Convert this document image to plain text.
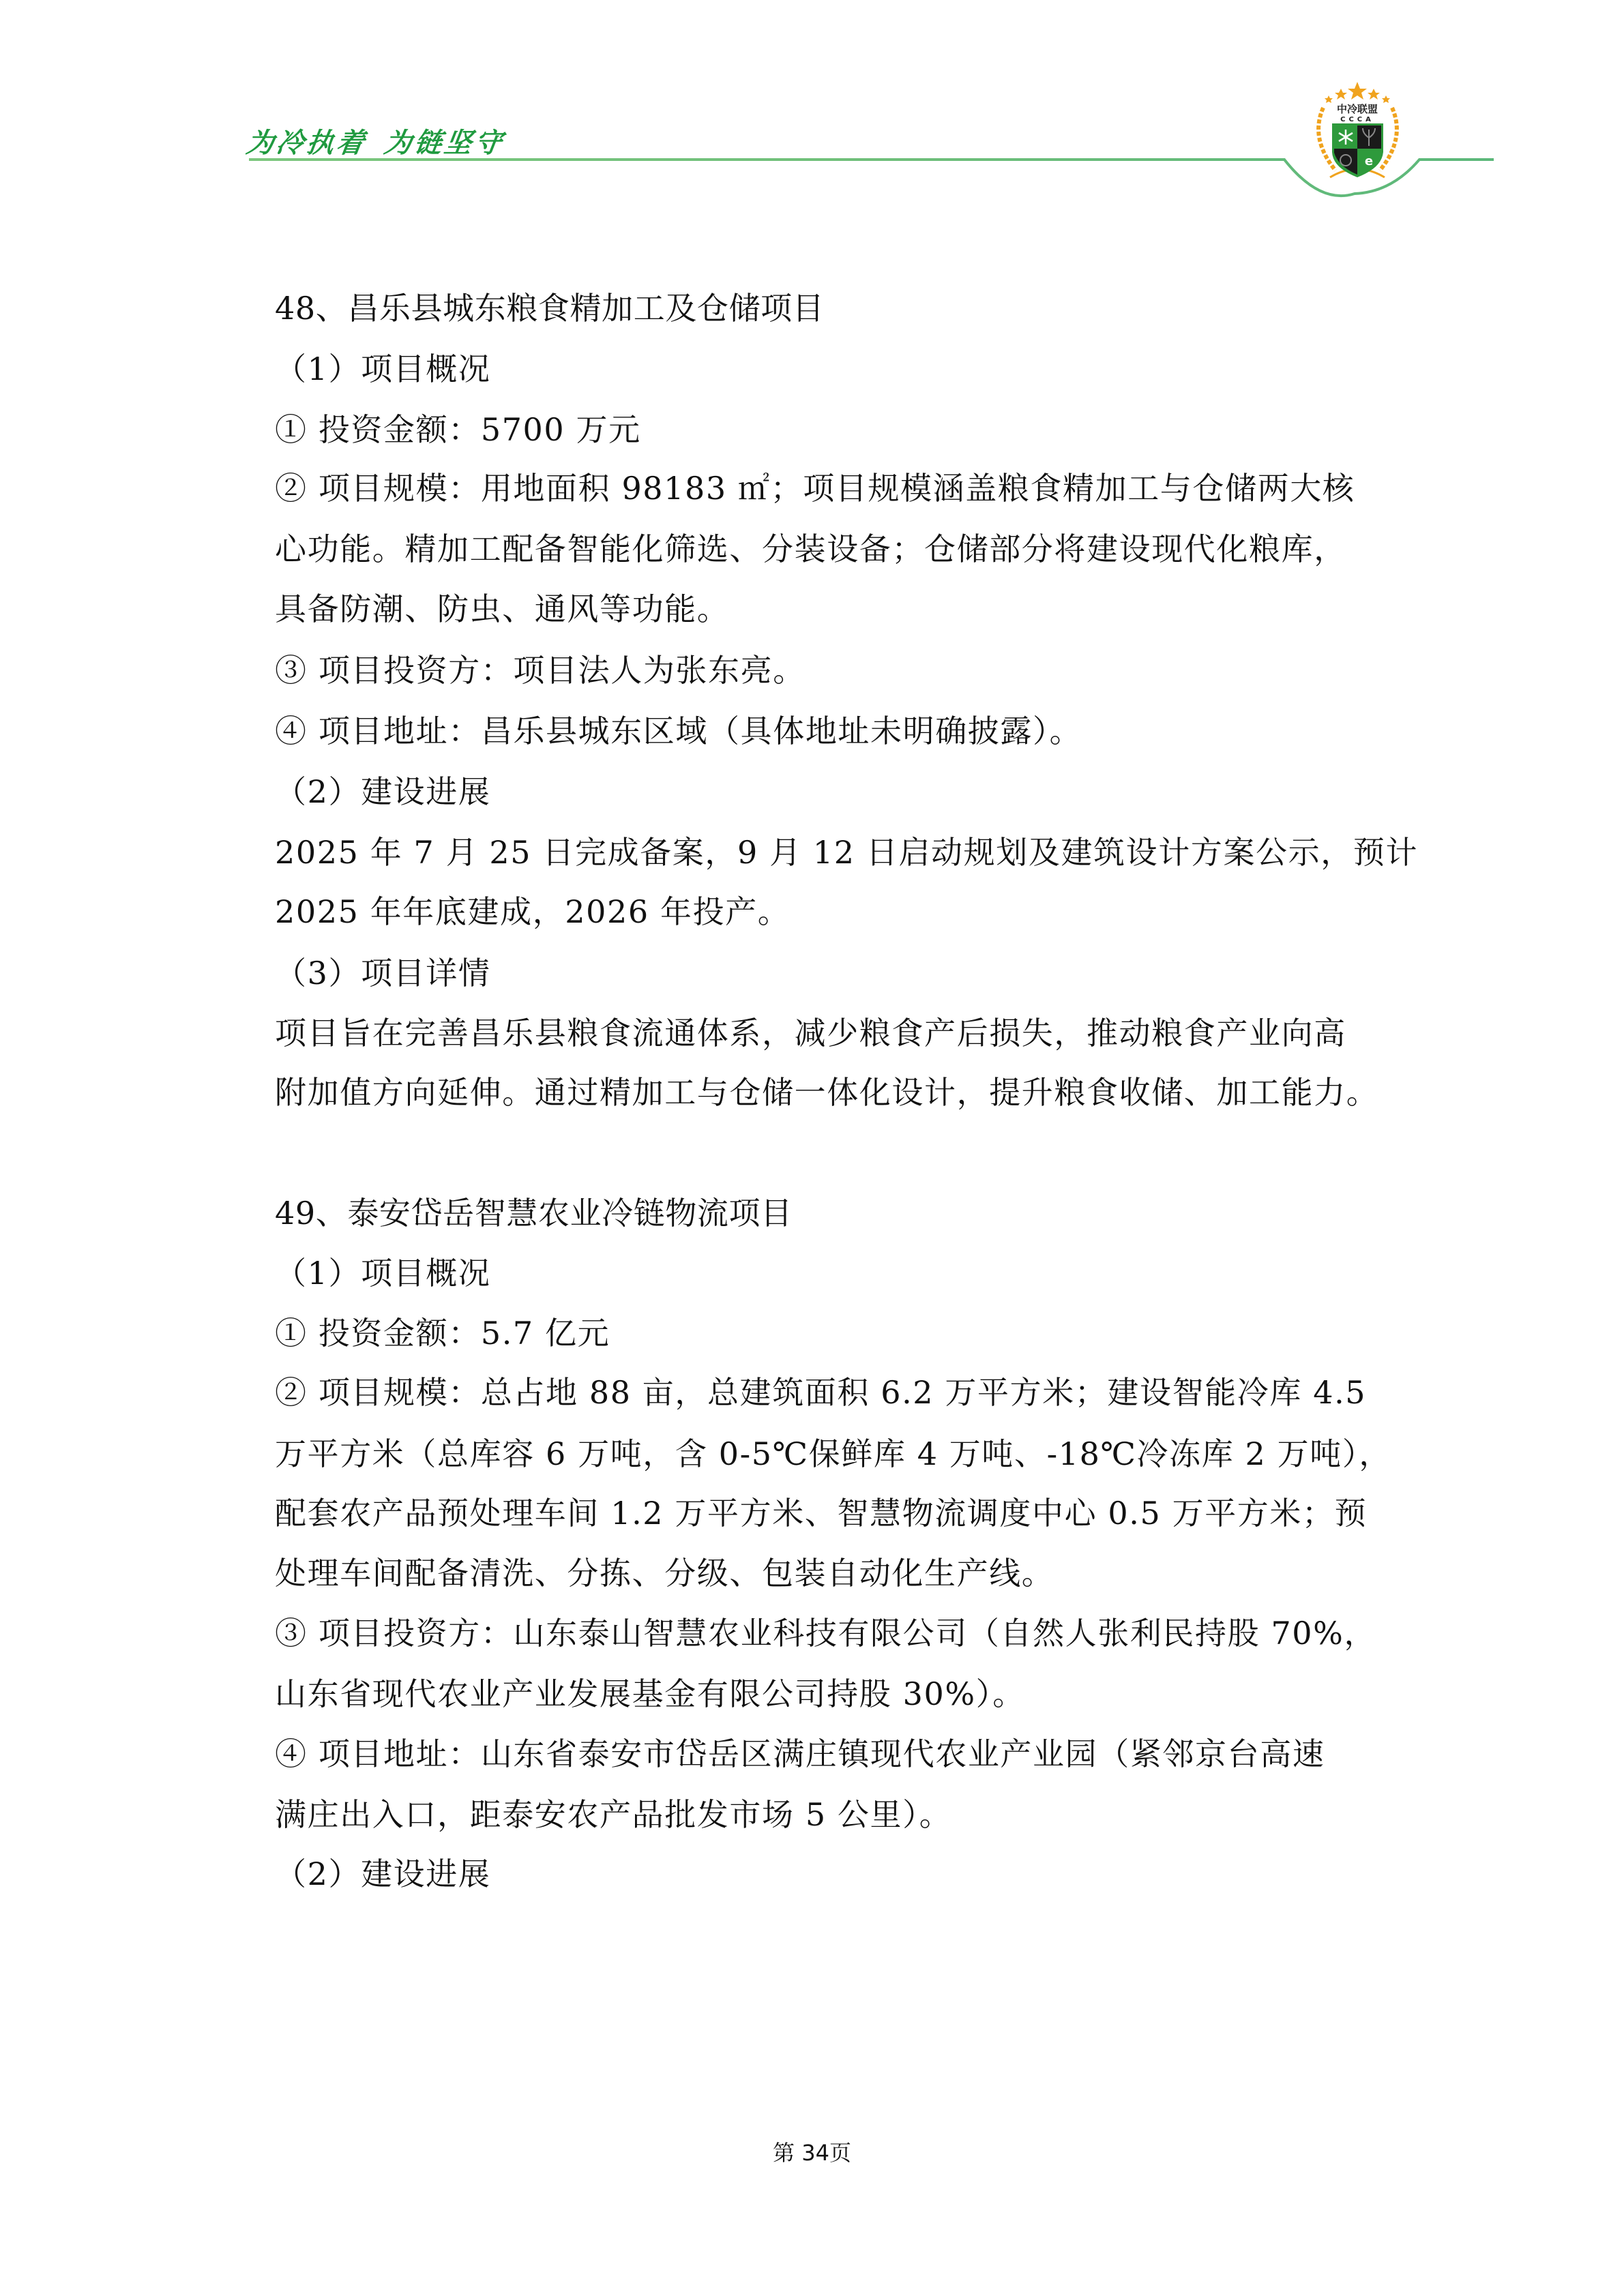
为冷执着 为链坚守
中冷联盟
CCCA
e
48、昌乐县城东粮食精加工及仓储项目
（1）项目概况
① 投资金额：5700 万元
② 项目规模：用地面积 98183 ㎡；项目规模涵盖粮食精加工与仓储两大核
心功能。精加工配备智能化筛选、分装设备；仓储部分将建设现代化粮库，
具备防潮、防虫、通风等功能。
③ 项目投资方：项目法人为张东亮。
④ 项目地址：昌乐县城东区域（具体地址未明确披露）。
（2）建设进展
2025 年 7 月 25 日完成备案，9 月 12 日启动规划及建筑设计方案公示，预计
2025 年年底建成，2026 年投产。
（3）项目详情
项目旨在完善昌乐县粮食流通体系，减少粮食产后损失，推动粮食产业向高
附加值方向延伸。通过精加工与仓储一体化设计，提升粮食收储、加工能力。
49、泰安岱岳智慧农业冷链物流项目
（1）项目概况
① 投资金额：5.7 亿元
② 项目规模：总占地 88 亩，总建筑面积 6.2 万平方米；建设智能冷库 4.5
万平方米（总库容 6 万吨，含 0-5℃保鲜库 4 万吨、-18℃冷冻库 2 万吨），
配套农产品预处理车间 1.2 万平方米、智慧物流调度中心 0.5 万平方米；预
处理车间配备清洗、分拣、分级、包装自动化生产线。
③ 项目投资方：山东泰山智慧农业科技有限公司（自然人张利民持股 70%，
山东省现代农业产业发展基金有限公司持股 30%）。
④ 项目地址：山东省泰安市岱岳区满庄镇现代农业产业园（紧邻京台高速
满庄出入口，距泰安农产品批发市场 5 公里）。
（2）建设进展
第 34页
